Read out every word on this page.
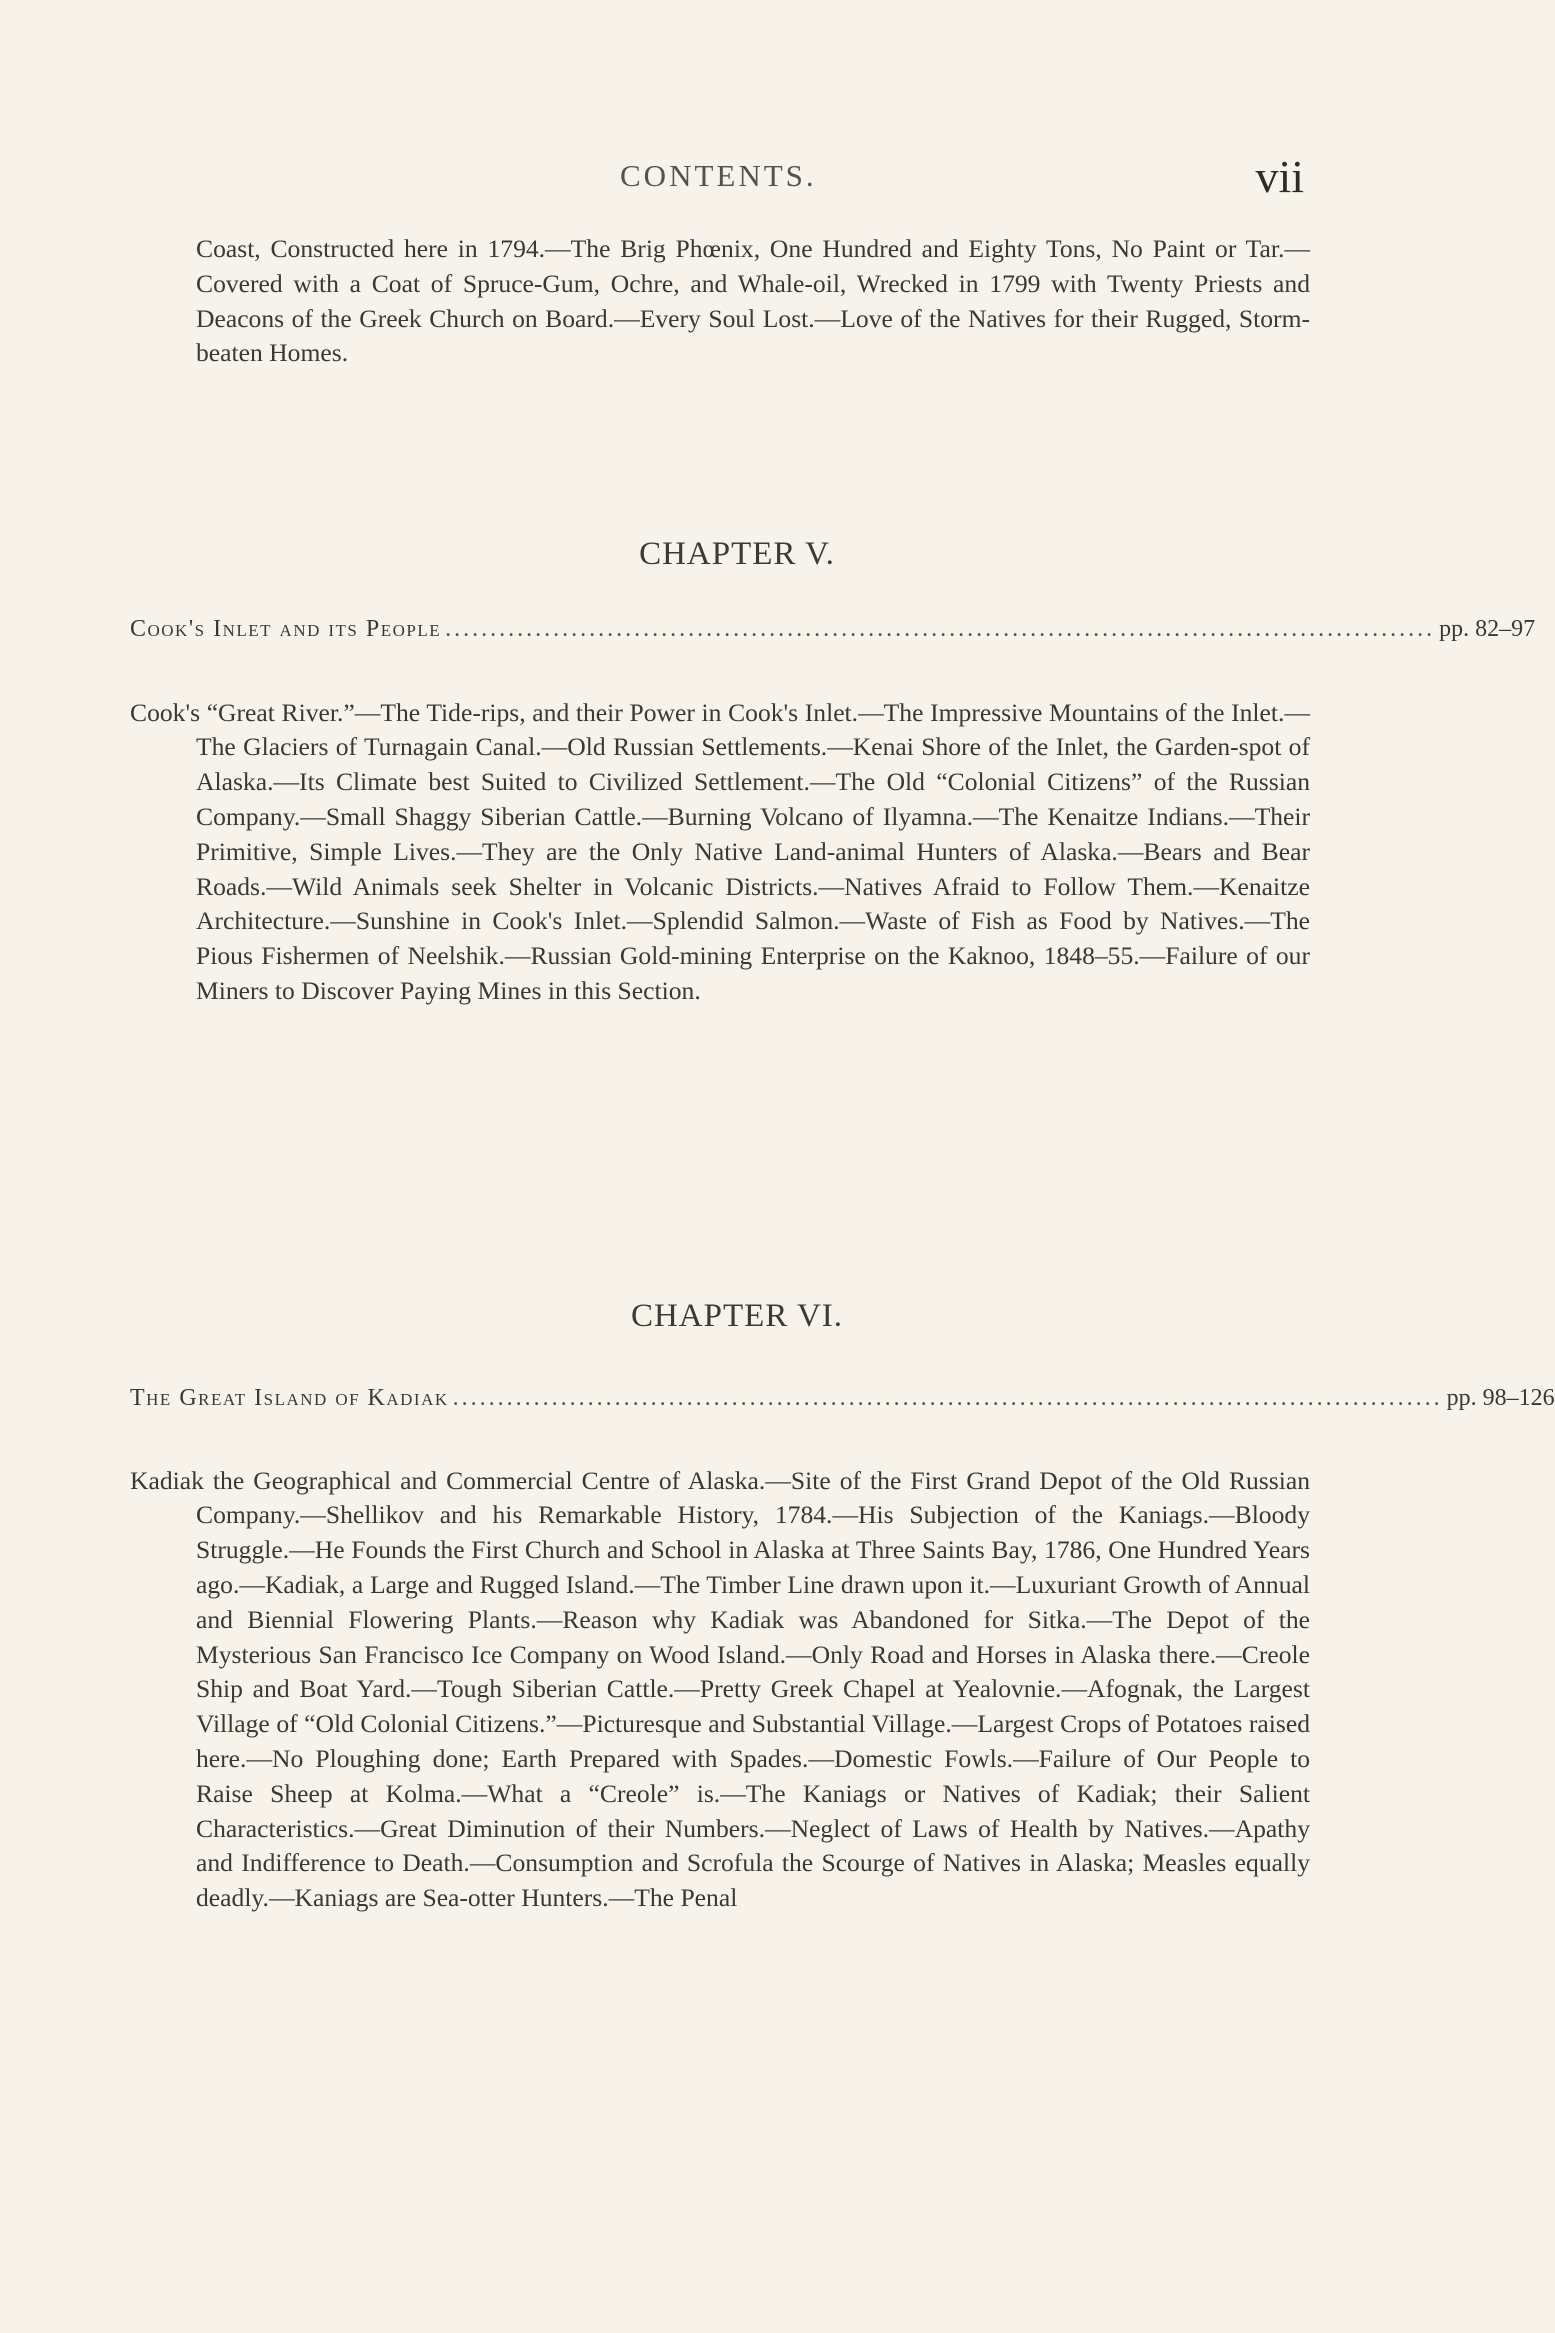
CONTENTS.	vii

Coast, Constructed here in 1794.—The Brig Phœnix, One Hundred and Eighty Tons, No Paint or Tar.—Covered with a Coat of Spruce-Gum, Ochre, and Whale-oil, Wrecked in 1799 with Twenty Priests and Deacons of the Greek Church on Board.—Every Soul Lost.—Love of the Natives for their Rugged, Storm-beaten Homes.

CHAPTER V.
Cook's Inlet and its People .............................................................................................................. pp. 82–97

Cook's “Great River.”—The Tide-rips, and their Power in Cook's Inlet.—The Impressive Mountains of the Inlet.—The Glaciers of Turnagain Canal.—Old Russian Settlements.—Kenai Shore of the Inlet, the Garden-spot of Alaska.—Its Climate best Suited to Civilized Settlement.—The Old “Colonial Citizens” of the Russian Company.—Small Shaggy Siberian Cattle.—Burning Volcano of Ilyamna.—The Kenaitze Indians.—Their Primitive, Simple Lives.—They are the Only Native Land-animal Hunters of Alaska.—Bears and Bear Roads.—Wild Animals seek Shelter in Volcanic Districts.—Natives Afraid to Follow Them.—Kenaitze Architecture.—Sunshine in Cook's Inlet.—Splendid Salmon.—Waste of Fish as Food by Natives.—The Pious Fishermen of Neelshik.—Russian Gold-mining Enterprise on the Kaknoo, 1848–55.—Failure of our Miners to Discover Paying Mines in this Section.

CHAPTER VI.
The Great Island of Kadiak .............................................................................................................. pp. 98–126

Kadiak the Geographical and Commercial Centre of Alaska.—Site of the First Grand Depot of the Old Russian Company.—Shellikov and his Remarkable History, 1784.—His Subjection of the Kaniags.—Bloody Struggle.—He Founds the First Church and School in Alaska at Three Saints Bay, 1786, One Hundred Years ago.—Kadiak, a Large and Rugged Island.—The Timber Line drawn upon it.—Luxuriant Growth of Annual and Biennial Flowering Plants.—Reason why Kadiak was Abandoned for Sitka.—The Depot of the Mysterious San Francisco Ice Company on Wood Island.—Only Road and Horses in Alaska there.—Creole Ship and Boat Yard.—Tough Siberian Cattle.—Pretty Greek Chapel at Yealovnie.—Afognak, the Largest Village of “Old Colonial Citizens.”—Picturesque and Substantial Village.—Largest Crops of Potatoes raised here.—No Ploughing done; Earth Prepared with Spades.—Domestic Fowls.—Failure of Our People to Raise Sheep at Kolma.—What a “Creole” is.—The Kaniags or Natives of Kadiak; their Salient Characteristics.—Great Diminution of their Numbers.—Neglect of Laws of Health by Natives.—Apathy and Indifference to Death.—Consumption and Scrofula the Scourge of Natives in Alaska; Measles equally deadly.—Kaniags are Sea-otter Hunters.—The Penal
